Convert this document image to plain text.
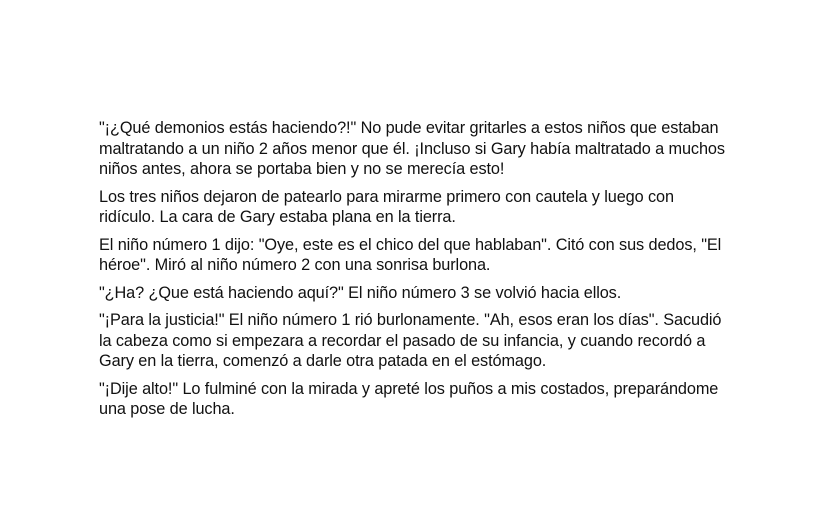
"¡¿Qué demonios estás haciendo?!" No pude evitar gritarles a estos niños que estaban
maltratando a un niño 2 años menor que él. ¡Incluso si Gary había maltratado a muchos
niños antes, ahora se portaba bien y no se merecía esto!

Los tres niños dejaron de patearlo para mirarme primero con cautela y luego con
ridículo. La cara de Gary estaba plana en la tierra.

El niño número 1 dijo: "Oye, este es el chico del que hablaban". Citó con sus dedos, "El
héroe". Miró al niño número 2 con una sonrisa burlona.

"¿Ha? ¿Que está haciendo aquí?" El niño número 3 se volvió hacia ellos.

"¡Para la justicia!" El niño número 1 rió burlonamente. "Ah, esos eran los días". Sacudió
la cabeza como si empezara a recordar el pasado de su infancia, y cuando recordó a
Gary en la tierra, comenzó a darle otra patada en el estómago.

"¡Dije alto!" Lo fulminé con la mirada y apreté los puños a mis costados, preparándome
una pose de lucha.
